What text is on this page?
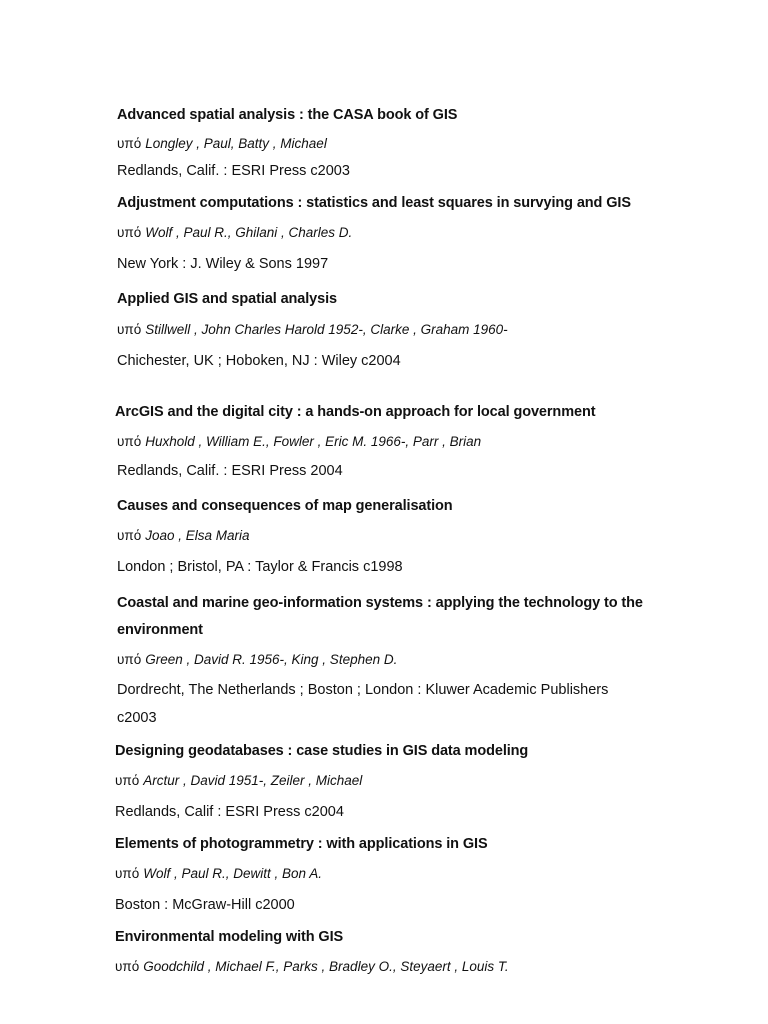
Advanced spatial analysis : the CASA book of GIS
υπό Longley , Paul, Batty , Michael
Redlands, Calif. : ESRI Press c2003
Adjustment computations : statistics and least squares in survying and GIS
υπό Wolf , Paul R., Ghilani , Charles D.
New York : J. Wiley & Sons 1997
Applied GIS and spatial analysis
υπό Stillwell , John Charles Harold 1952-, Clarke , Graham 1960-
Chichester, UK ; Hoboken, NJ : Wiley c2004
ArcGIS and the digital city : a hands-on approach for local government
υπό Huxhold , William E., Fowler , Eric M. 1966-, Parr , Brian
Redlands, Calif. : ESRI Press 2004
Causes and consequences of map generalisation
υπό Joao , Elsa Maria
London ; Bristol, PA : Taylor & Francis c1998
Coastal and marine geo-information systems : applying the technology to the
environment
υπό Green , David R. 1956-, King , Stephen D.
Dordrecht, The Netherlands ; Boston ; London : Kluwer Academic Publishers
c2003
Designing geodatabases : case studies in GIS data modeling
υπό Arctur , David 1951-, Zeiler , Michael
Redlands, Calif : ESRI Press c2004
Elements of photogrammetry : with applications in GIS
υπό Wolf , Paul R., Dewitt , Bon A.
Boston : McGraw-Hill c2000
Environmental modeling with GIS
υπό Goodchild , Michael F., Parks , Bradley O., Steyaert , Louis T.
